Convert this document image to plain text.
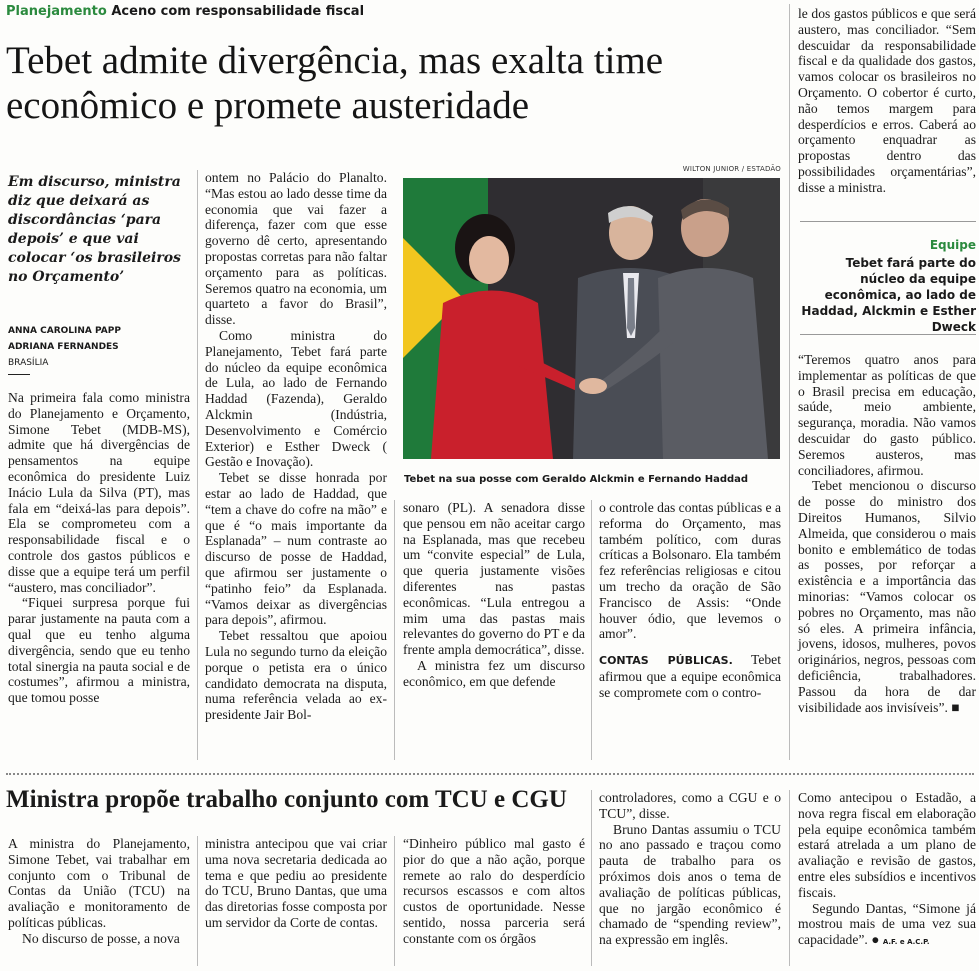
Planejamento Aceno com responsabilidade fiscal
Tebet admite divergência, mas exalta time econômico e promete austeridade
Em discurso, ministra diz que deixará as discordâncias ‘para depois’ e que vai colocar ‘os brasileiros no Orçamento’
ANNA CAROLINA PAPP
ADRIANA FERNANDES
BRASÍLIA

Na primeira fala como ministra do Planejamento e Orçamento, Simone Tebet (MDB-MS), admite que há divergências de pensamentos na equipe econômica do presidente Luiz Inácio Lula da Silva (PT), mas fala em “deixá-las para depois”. Ela se comprometeu com a responsabilidade fiscal e o controle dos gastos públicos e disse que a equipe terá um perfil “austero, mas conciliador”.

“Fiquei surpresa porque fui parar justamente na pauta com a qual que eu tenho alguma divergência, sendo que eu tenho total sinergia na pauta social e de costumes”, afirmou a ministra, que tomou posse

ontem no Palácio do Planalto. “Mas estou ao lado desse time da economia que vai fazer a diferença, fazer com que esse governo dê certo, apresentando propostas corretas para não faltar orçamento para as políticas. Seremos quatro na economia, um quarteto a favor do Brasil”, disse.

Como ministra do Planejamento, Tebet fará parte do núcleo da equipe econômica de Lula, ao lado de Fernando Haddad (Fazenda), Geraldo Alckmin (Indústria, Desenvolvimento e Comércio Exterior) e Esther Dweck ( Gestão e Inovação).

Tebet se disse honrada por estar ao lado de Haddad, que “tem a chave do cofre na mão” e que é “o mais importante da Esplanada” – num contraste ao discurso de posse de Haddad, que afirmou ser justamente o “patinho feio” da Esplanada. “Vamos deixar as divergências para depois”, afirmou.

Tebet ressaltou que apoiou Lula no segundo turno da eleição porque o petista era o único candidato democrata na disputa, numa referência velada ao ex-presidente Jair Bol-

sonaro (PL). A senadora disse que pensou em não aceitar cargo na Esplanada, mas que recebeu um “convite especial” de Lula, que queria justamente visões diferentes nas pastas econômicas. “Lula entregou a mim uma das pastas mais relevantes do governo do PT e da frente ampla democrática”, disse.

A ministra fez um discurso econômico, em que defende

o controle das contas públicas e a reforma do Orçamento, mas também político, com duras críticas a Bolsonaro. Ela também fez referências religiosas e citou um trecho da oração de São Francisco de Assis: “Onde houver ódio, que levemos o amor”.

CONTAS PÚBLICAS. Tebet afirmou que a equipe econômica se compromete com o contro-

le dos gastos públicos e que será austero, mas conciliador. “Sem descuidar da responsabilidade fiscal e da qualidade dos gastos, vamos colocar os brasileiros no Orçamento. O cobertor é curto, não temos margem para desperdícios e erros. Caberá ao orçamento enquadrar as propostas dentro das possibilidades orçamentárias”, disse a ministra.

Equipe
Tebet fará parte do núcleo da equipe econômica, ao lado de Haddad, Alckmin e Esther Dweck

“Teremos quatro anos para implementar as políticas de que o Brasil precisa em educação, saúde, meio ambiente, segurança, moradia. Não vamos descuidar do gasto público. Seremos austeros, mas conciliadores, afirmou.

Tebet mencionou o discurso de posse do ministro dos Direitos Humanos, Silvio Almeida, que considerou o mais bonito e emblemático de todas as posses, por reforçar a existência e a importância das minorias: “Vamos colocar os pobres no Orçamento, mas não só eles. A primeira infância, jovens, idosos, mulheres, povos originários, negros, pessoas com deficiência, trabalhadores. Passou da hora de dar visibilidade aos invisíveis”. ■

WILTON JUNIOR / ESTADÃO
Tebet na sua posse com Geraldo Alckmin e Fernando Haddad
Ministra propõe trabalho conjunto com TCU e CGU

A ministra do Planejamento, Simone Tebet, vai trabalhar em conjunto com o Tribunal de Contas da União (TCU) na avaliação e monitoramento de políticas públicas.

No discurso de posse, a nova

ministra antecipou que vai criar uma nova secretaria dedicada ao tema e que pediu ao presidente do TCU, Bruno Dantas, que uma das diretorias fosse composta por um servidor da Corte de contas.

“Dinheiro público mal gasto é pior do que a não ação, porque remete ao ralo do desperdício recursos escassos e com altos custos de oportunidade. Nesse sentido, nossa parceria será constante com os órgãos

controladores, como a CGU e o TCU”, disse.

Bruno Dantas assumiu o TCU no ano passado e traçou como pauta de trabalho para os próximos dois anos o tema de avaliação de políticas públicas, que no jargão econômico é chamado de “spending review”, na expressão em inglês.

Como antecipou o Estadão, a nova regra fiscal em elaboração pela equipe econômica também estará atrelada a um plano de avaliação e revisão de gastos, entre eles subsídios e incentivos fiscais.

Segundo Dantas, “Simone já mostrou mais de uma vez sua capacidade”. ● A.F. e A.C.P.
